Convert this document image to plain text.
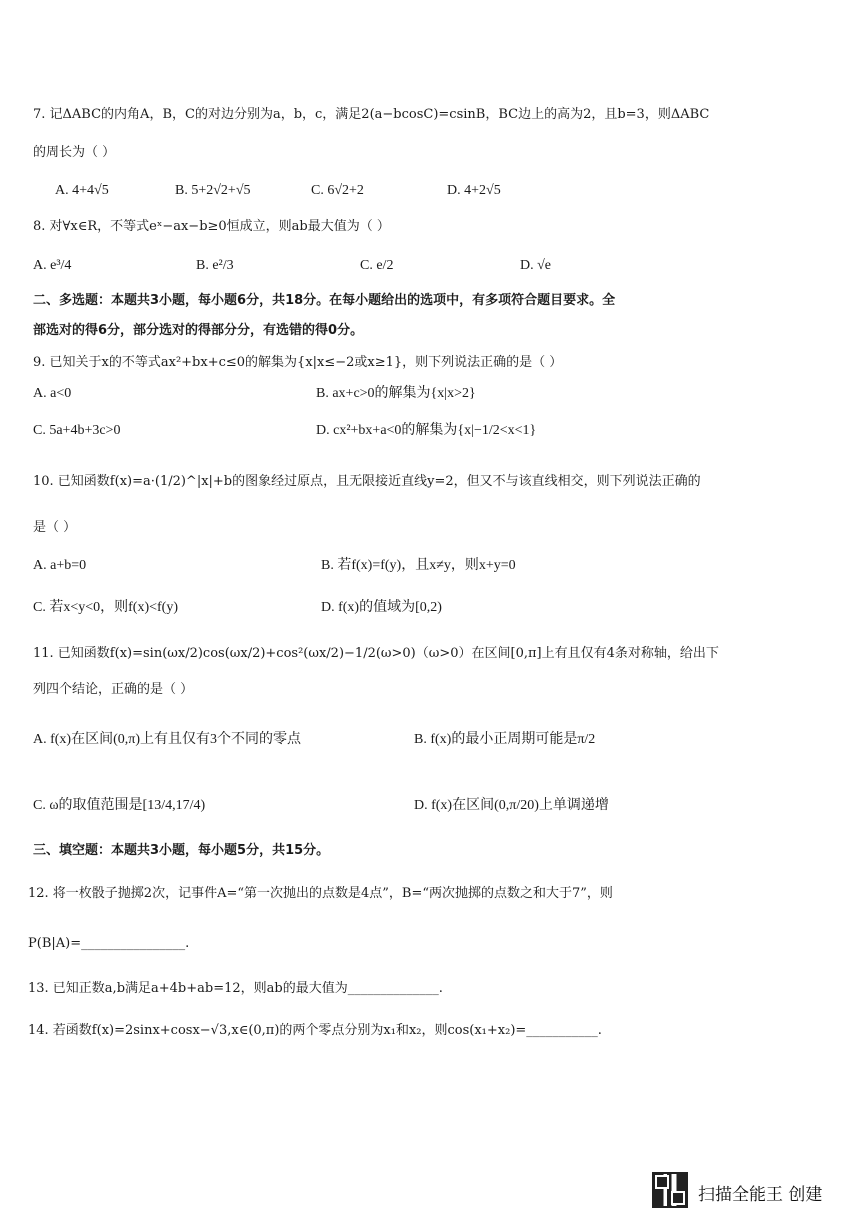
7. 记ΔABC的内角A，B，C的对边分别为a，b，c，满足2(a−bcosC)=csinB，BC边上的高为2，且b=3，则ΔABC
的周长为（ ）
A. 4+4√5	B. 5+2√2+√5	C. 6√2+2	D. 4+2√5
8. 对∀x∈R，不等式eˣ−ax−b≥0恒成立，则ab最大值为（ ）
A. e³/4	B. e²/3	C. e/2	D. √e
二、多选题：本题共3小题，每小题6分，共18分。在每小题给出的选项中，有多项符合题目要求。全
部选对的得6分，部分选对的得部分分，有选错的得0分。
9. 已知关于x的不等式ax²+bx+c≤0的解集为{x|x≤−2或x≥1}，则下列说法正确的是（ ）
A. a<0	B. ax+c>0的解集为{x|x>2}
C. 5a+4b+3c>0	D. cx²+bx+a<0的解集为{x|−1/2<x<1}
10. 已知函数f(x)=a·(1/2)^|x|+b的图象经过原点，且无限接近直线y=2，但又不与该直线相交，则下列说法正确的
是（ ）
A. a+b=0	B. 若f(x)=f(y)，且x≠y，则x+y=0
C. 若x<y<0，则f(x)<f(y)	D. f(x)的值域为[0,2)
11. 已知函数f(x)=sin(ωx/2)cos(ωx/2)+cos²(ωx/2)−1/2(ω>0)（ω>0）在区间[0,π]上有且仅有4条对称轴，给出下
列四个结论，正确的是（ ）
A. f(x)在区间(0,π)上有且仅有3个不同的零点	B. f(x)的最小正周期可能是π/2
C. ω的取值范围是[13/4,17/4)	D. f(x)在区间(0,π/20)上单调递增
三、填空题：本题共3小题，每小题5分，共15分。
12. 将一枚骰子抛掷2次，记事件A=“第一次抛出的点数是4点”，B=“两次抛掷的点数之和大于7”，则
P(B|A)=________________.
13. 已知正数a,b满足a+4b+ab=12，则ab的最大值为______________.
14. 若函数f(x)=2sinx+cosx−√3,x∈(0,π)的两个零点分别为x₁和x₂，则cos(x₁+x₂)=___________.
扫描全能王 创建
